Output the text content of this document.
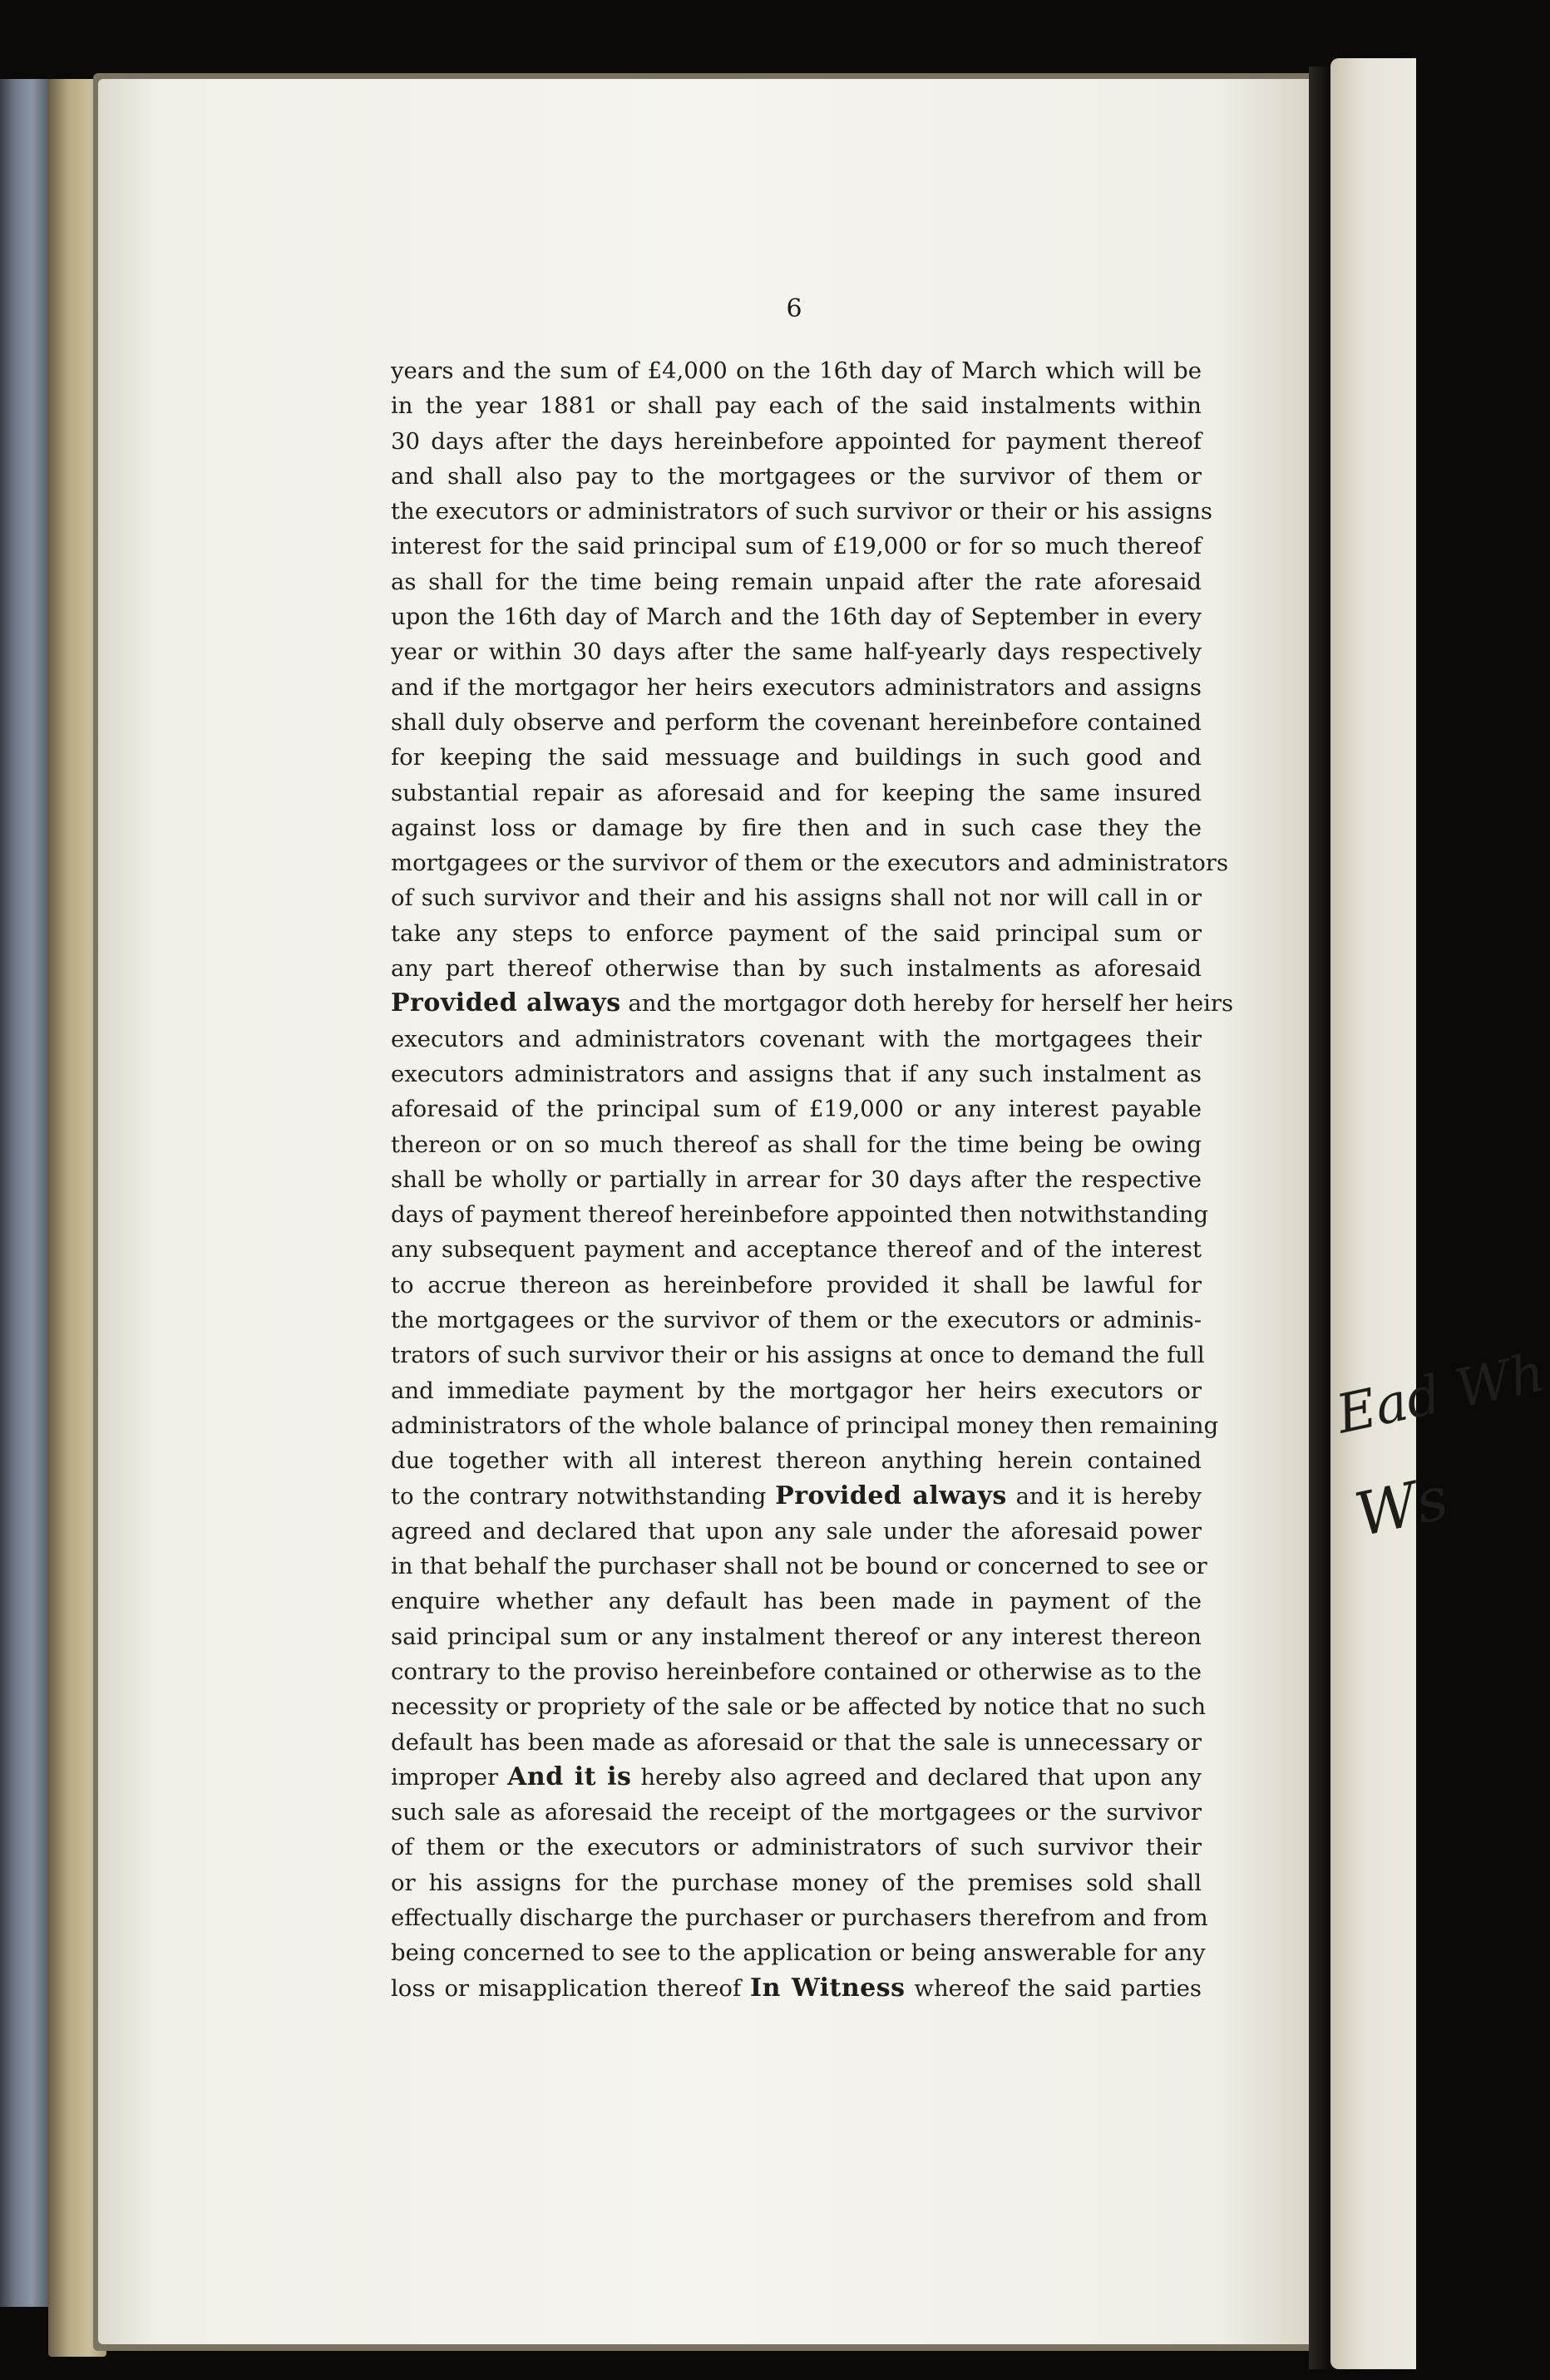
Ead Wh
Ws
6
years and the sum of £4,000 on the 16th day of March which will be
in the year 1881 or shall pay each of the said instalments within
30 days after the days hereinbefore appointed for payment thereof
and shall also pay to the mortgagees or the survivor of them or
the executors or administrators of such survivor or their or his assigns
interest for the said principal sum of £19,000 or for so much thereof
as shall for the time being remain unpaid after the rate aforesaid
upon the 16th day of March and the 16th day of September in every
year or within 30 days after the same half-yearly days respectively
and if the mortgagor her heirs executors administrators and assigns
shall duly observe and perform the covenant hereinbefore contained
for keeping the said messuage and buildings in such good and
substantial repair as aforesaid and for keeping the same insured
against loss or damage by fire then and in such case they the
mortgagees or the survivor of them or the executors and administrators
of such survivor and their and his assigns shall not nor will call in or
take any steps to enforce payment of the said principal sum or
any part thereof otherwise than by such instalments as aforesaid
Provided always and the mortgagor doth hereby for herself her heirs
executors and administrators covenant with the mortgagees their
executors administrators and assigns that if any such instalment as
aforesaid of the principal sum of £19,000 or any interest payable
thereon or on so much thereof as shall for the time being be owing
shall be wholly or partially in arrear for 30 days after the respective
days of payment thereof hereinbefore appointed then notwithstanding
any subsequent payment and acceptance thereof and of the interest
to accrue thereon as hereinbefore provided it shall be lawful for
the mortgagees or the survivor of them or the executors or adminis-
trators of such survivor their or his assigns at once to demand the full
and immediate payment by the mortgagor her heirs executors or
administrators of the whole balance of principal money then remaining
due together with all interest thereon anything herein contained
to the contrary notwithstanding Provided always and it is hereby
agreed and declared that upon any sale under the aforesaid power
in that behalf the purchaser shall not be bound or concerned to see or
enquire whether any default has been made in payment of the
said principal sum or any instalment thereof or any interest thereon
contrary to the proviso hereinbefore contained or otherwise as to the
necessity or propriety of the sale or be affected by notice that no such
default has been made as aforesaid or that the sale is unnecessary or
improper And it is hereby also agreed and declared that upon any
such sale as aforesaid the receipt of the mortgagees or the survivor
of them or the executors or administrators of such survivor their
or his assigns for the purchase money of the premises sold shall
effectually discharge the purchaser or purchasers therefrom and from
being concerned to see to the application or being answerable for any
loss or misapplication thereof In Witness whereof the said parties
